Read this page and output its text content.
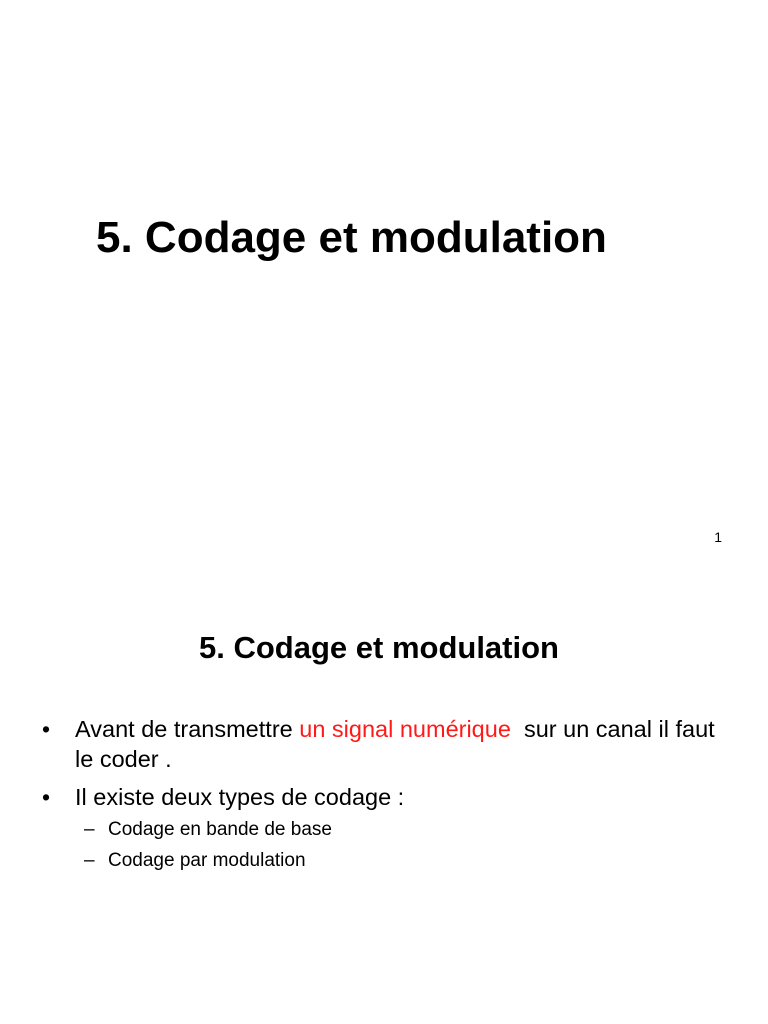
5. Codage et modulation
1
5. Codage et modulation
• Avant de transmettre un signal numérique  sur un canal il faut le coder .
• Il existe deux types de codage :
– Codage en bande de base
– Codage par modulation
